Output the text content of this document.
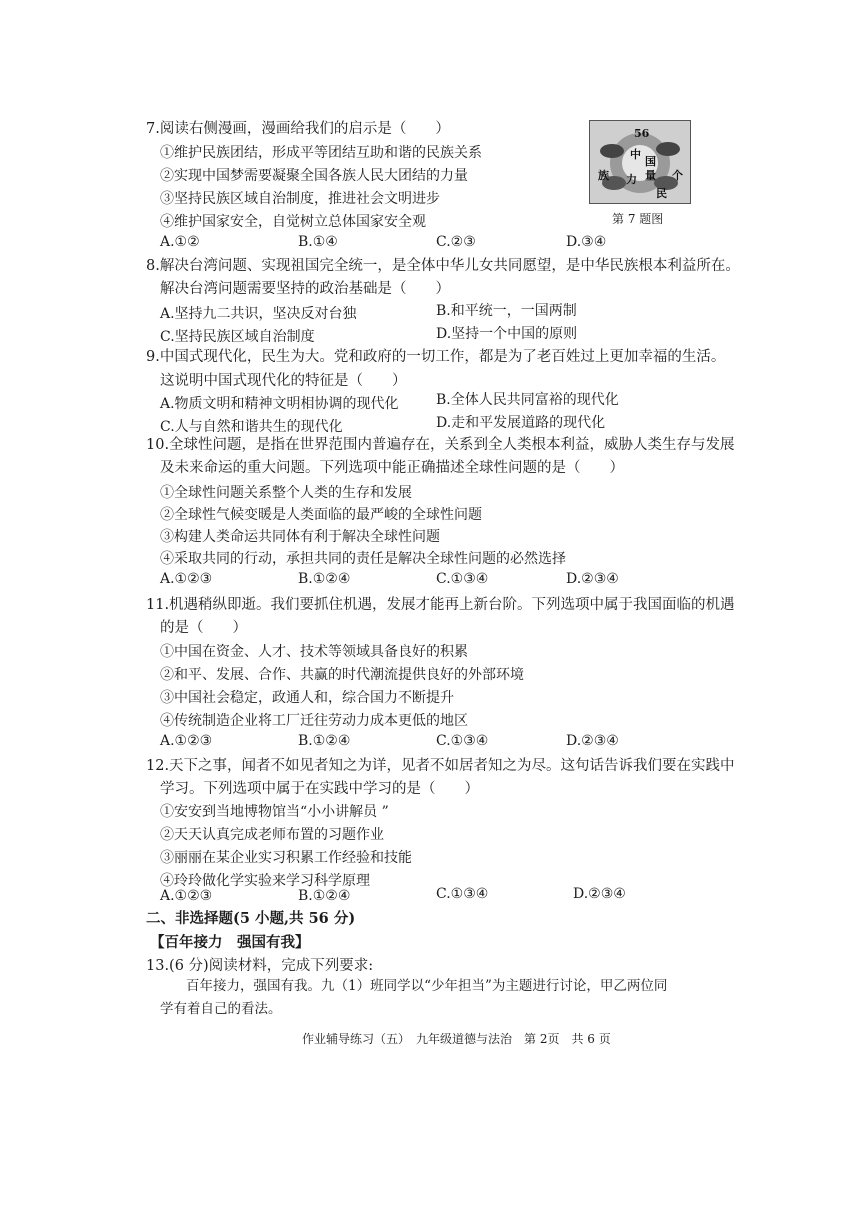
7.阅读右侧漫画，漫画给我们的启示是（　　）
①维护民族团结，形成平等团结互助和谐的民族关系
②实现中国梦需要凝聚全国各族人民大团结的力量
③坚持民族区域自治制度，推进社会文明进步
④维护国家安全，自觉树立总体国家安全观
A.①②	B.①④	C.②③	D.③④
56
中
国
个
族 力 量
民
第 7 题图
8.解决台湾问题、实现祖国完全统一，是全体中华儿女共同愿望，是中华民族根本利益所在。
解决台湾问题需要坚持的政治基础是（　　）
A.坚持九二共识，坚决反对台独	B.和平统一，一国两制
C.坚持民族区域自治制度	D.坚持一个中国的原则
9.中国式现代化，民生为大。党和政府的一切工作，都是为了老百姓过上更加幸福的生活。
这说明中国式现代化的特征是（　　）
A.物质文明和精神文明相协调的现代化	B.全体人民共同富裕的现代化
C.人与自然和谐共生的现代化	D.走和平发展道路的现代化
10.全球性问题，是指在世界范围内普遍存在，关系到全人类根本利益，威胁人类生存与发展
及未来命运的重大问题。下列选项中能正确描述全球性问题的是（　　）
①全球性问题关系整个人类的生存和发展
②全球性气候变暖是人类面临的最严峻的全球性问题
③构建人类命运共同体有利于解决全球性问题
④采取共同的行动，承担共同的责任是解决全球性问题的必然选择
A.①②③	B.①②④	C.①③④	D.②③④
11.机遇稍纵即逝。我们要抓住机遇，发展才能再上新台阶。下列选项中属于我国面临的机遇
的是（　　）
①中国在资金、人才、技术等领域具备良好的积累
②和平、发展、合作、共赢的时代潮流提供良好的外部环境
③中国社会稳定，政通人和，综合国力不断提升
④传统制造企业将工厂迁往劳动力成本更低的地区
A.①②③	B.①②④	C.①③④	D.②③④
12.天下之事，闻者不如见者知之为详，见者不如居者知之为尽。这句话告诉我们要在实践中
学习。下列选项中属于在实践中学习的是（　　）
①安安到当地博物馆当“小小讲解员 ”
②天天认真完成老师布置的习题作业
③丽丽在某企业实习积累工作经验和技能
④玲玲做化学实验来学习科学原理
A.①②③	B.①②④	C.①③④	D.②③④
二、非选择题(5 小题,共 56 分)
【百年接力　强国有我】
13.(6 分)阅读材料，完成下列要求:
百年接力，强国有我。九（1）班同学以“少年担当”为主题进行讨论，甲乙两位同
学有着自己的看法。
作业辅导练习（五）　九年级道德与法治　第 2页　共 6 页
